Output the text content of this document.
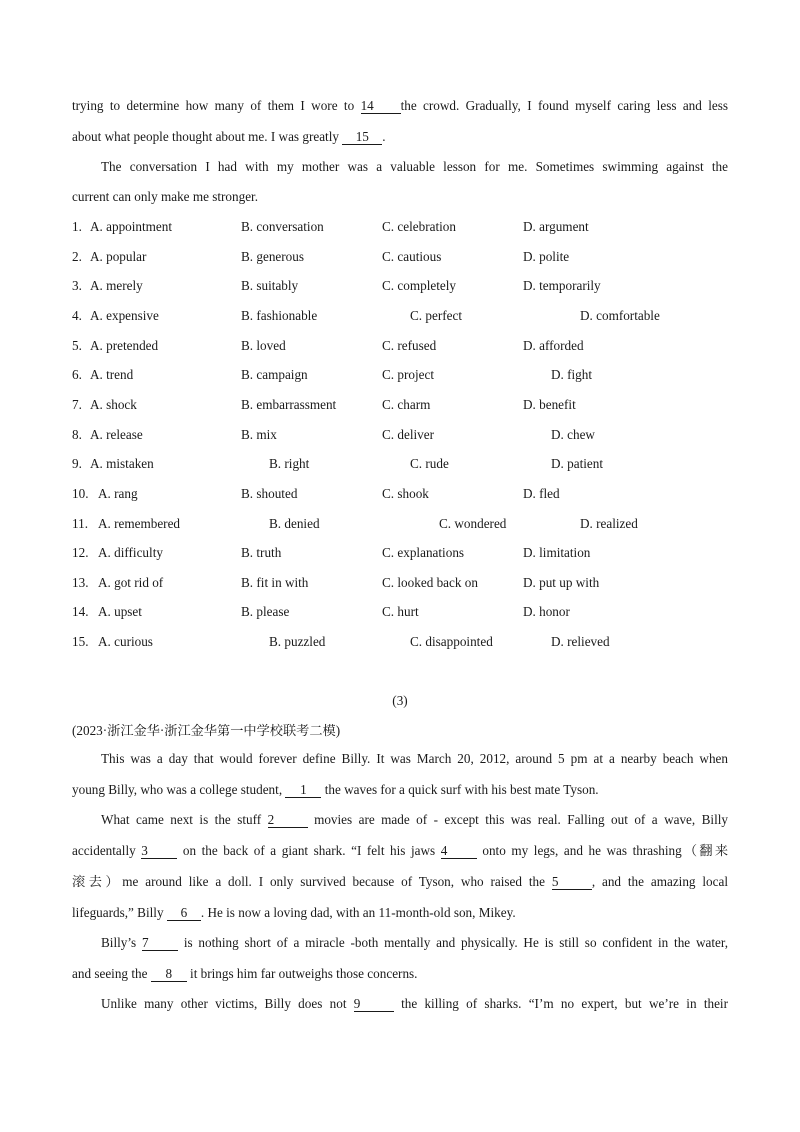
trying to determine how many of them I wore to 14 the crowd. Gradually, I found myself caring less and less
about what people thought about me. I was greatly 15 .
The conversation I had with my mother was a valuable lesson for me. Sometimes swimming against the
current can only make me stronger.
1. A. appointment	B. conversation	C. celebration	D. argument
2. A. popular	B. generous	C. cautious	D. polite
3. A. merely	B. suitably	C. completely	D. temporarily
4. A. expensive	B. fashionable	C. perfect	D. comfortable
5. A. pretended	B. loved	C. refused	D. afforded
6. A. trend	B. campaign	C. project	D. fight
7. A. shock	B. embarrassment	C. charm	D. benefit
8. A. release	B. mix	C. deliver	D. chew
9. A. mistaken	B. right	C. rude	D. patient
10. A. rang	B. shouted	C. shook	D. fled
11. A. remembered	B. denied	C. wondered	D. realized
12. A. difficulty	B. truth	C. explanations	D. limitation
13. A. got rid of	B. fit in with	C. looked back on	D. put up with
14. A. upset	B. please	C. hurt	D. honor
15. A. curious	B. puzzled	C. disappointed	D. relieved
(3)
(2023·浙江金华·浙江金华第一中学校联考二模)
This was a day that would forever define Billy. It was March 20, 2012, around 5 pm at a nearby beach when
young Billy, who was a college student, 1 the waves for a quick surf with his best mate Tyson.
What came next is the stuff 2	movies are made of - except this was real. Falling out of a wave, Billy
accidentally 3	on the back of a giant shark. “I felt his jaws 4	onto my legs, and he was thrashing（翻来
滚去）me around like a doll. I only survived because of Tyson, who raised the 5	, and the amazing local
lifeguards,” Billy 6 . He is now a loving dad, with an 11-month-old son, Mikey.
Billy’s 7	is nothing short of a miracle -both mentally and physically. He is still so confident in the water,
and seeing the 8 it brings him far outweighs those concerns.
Unlike many other victims, Billy does not 9	the killing of sharks. “I’m no expert, but we’re in their
